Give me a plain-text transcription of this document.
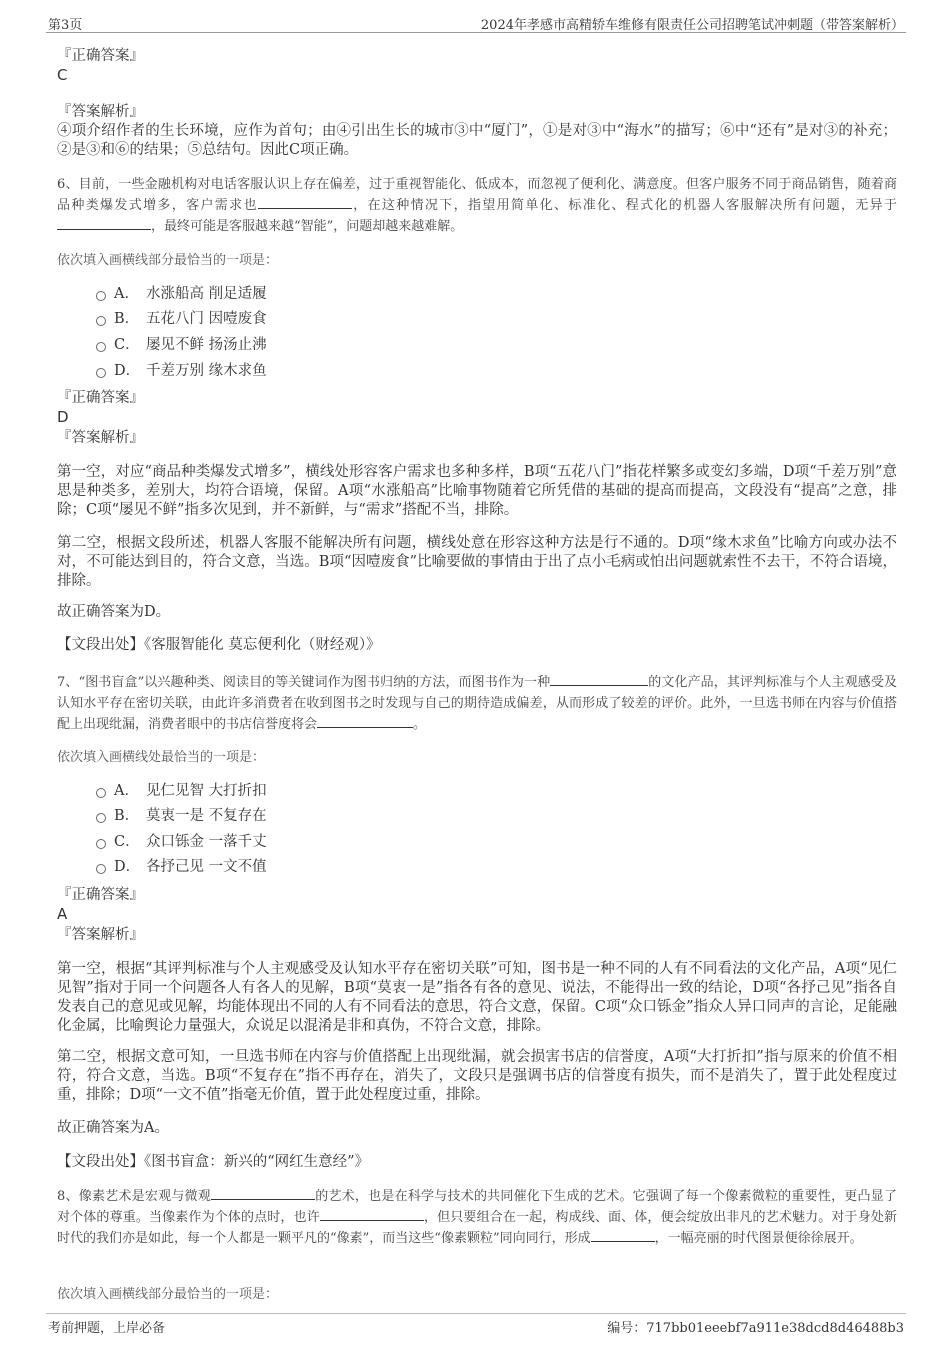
第3页	2024年孝感市高精轿车维修有限责任公司招聘笔试冲刺题（带答案解析）
『正确答案』
C
『答案解析』
④项介绍作者的生长环境，应作为首句；由④引出生长的城市③中“厦门”，①是对③中“海水”的描写；⑥中“还有”是对③的补充；②是③和⑥的结果；⑤总结句。因此C项正确。
6、目前，一些金融机构对电话客服认识上存在偏差，过于重视智能化、低成本，而忽视了便利化、满意度。但客户服务不同于商品销售，随着商品种类爆发式增多，客户需求也	，在这种情况下，指望用简单化、标准化、程式化的机器人客服解决所有问题，无异于，最终可能是客服越来越“智能”，问题却越来越难解。
依次填入画横线部分最恰当的一项是：
A． 水涨船高 削足适履
B． 五花八门 因噎废食
C． 屡见不鲜 扬汤止沸
D． 千差万别 缘木求鱼
『正确答案』
D
『答案解析』
第一空，对应“商品种类爆发式增多”，横线处形容客户需求也多种多样，B项“五花八门”指花样繁多或变幻多端，D项“千差万别”意思是种类多，差别大，均符合语境，保留。A项“水涨船高”比喻事物随着它所凭借的基础的提高而提高，文段没有“提高”之意，排除；C项“屡见不鲜”指多次见到，并不新鲜，与“需求”搭配不当，排除。
第二空，根据文段所述，机器人客服不能解决所有问题，横线处意在形容这种方法是行不通的。D项“缘木求鱼”比喻方向或办法不对，不可能达到目的，符合文意，当选。B项“因噎废食”比喻要做的事情由于出了点小毛病或怕出问题就索性不去干，不符合语境，排除。
故正确答案为D。
【文段出处】《客服智能化 莫忘便利化（财经观）》
7、“图书盲盒”以兴趣种类、阅读目的等关键词作为图书归纳的方法，而图书作为一种	的文化产品，其评判标准与个人主观感受及认知水平存在密切关联，由此许多消费者在收到图书之时发现与自己的期待造成偏差，从而形成了较差的评价。此外，一旦选书师在内容与价值搭配上出现纰漏，消费者眼中的书店信誉度将会	。
依次填入画横线处最恰当的一项是：
A． 见仁见智 大打折扣
B． 莫衷一是 不复存在
C． 众口铄金 一落千丈
D． 各抒己见 一文不值
『正确答案』
A
『答案解析』
第一空，根据“其评判标准与个人主观感受及认知水平存在密切关联”可知，图书是一种不同的人有不同看法的文化产品，A项“见仁见智”指对于同一个问题各人有各人的见解，B项“莫衷一是”指各有各的意见、说法，不能得出一致的结论，D项“各抒己见”指各自发表自己的意见或见解，均能体现出不同的人有不同看法的意思，符合文意，保留。C项“众口铄金”指众人异口同声的言论，足能融化金属，比喻舆论力量强大，众说足以混淆是非和真伪，不符合文意，排除。
第二空，根据文意可知，一旦选书师在内容与价值搭配上出现纰漏，就会损害书店的信誉度，A项“大打折扣”指与原来的价值不相符，符合文意，当选。B项“不复存在”指不再存在，消失了，文段只是强调书店的信誉度有损失，而不是消失了，置于此处程度过重，排除；D项“一文不值”指毫无价值，置于此处程度过重，排除。
故正确答案为A。
【文段出处】《图书盲盒：新兴的“网红生意经”》
8、像素艺术是宏观与微观	的艺术，也是在科学与技术的共同催化下生成的艺术。它强调了每一个像素微粒的重要性，更凸显了对个体的尊重。当像素作为个体的点时，也许	，但只要组合在一起，构成线、面、体，便会绽放出非凡的艺术魅力。对于身处新时代的我们亦是如此，每一个人都是一颗平凡的“像素”，而当这些“像素颗粒”同向同行，形成	，一幅亮丽的时代图景便徐徐展开。
依次填入画横线部分最恰当的一项是：
考前押题，上岸必备	编号：717bb01eeebf7a911e38dcd8d46488b3
